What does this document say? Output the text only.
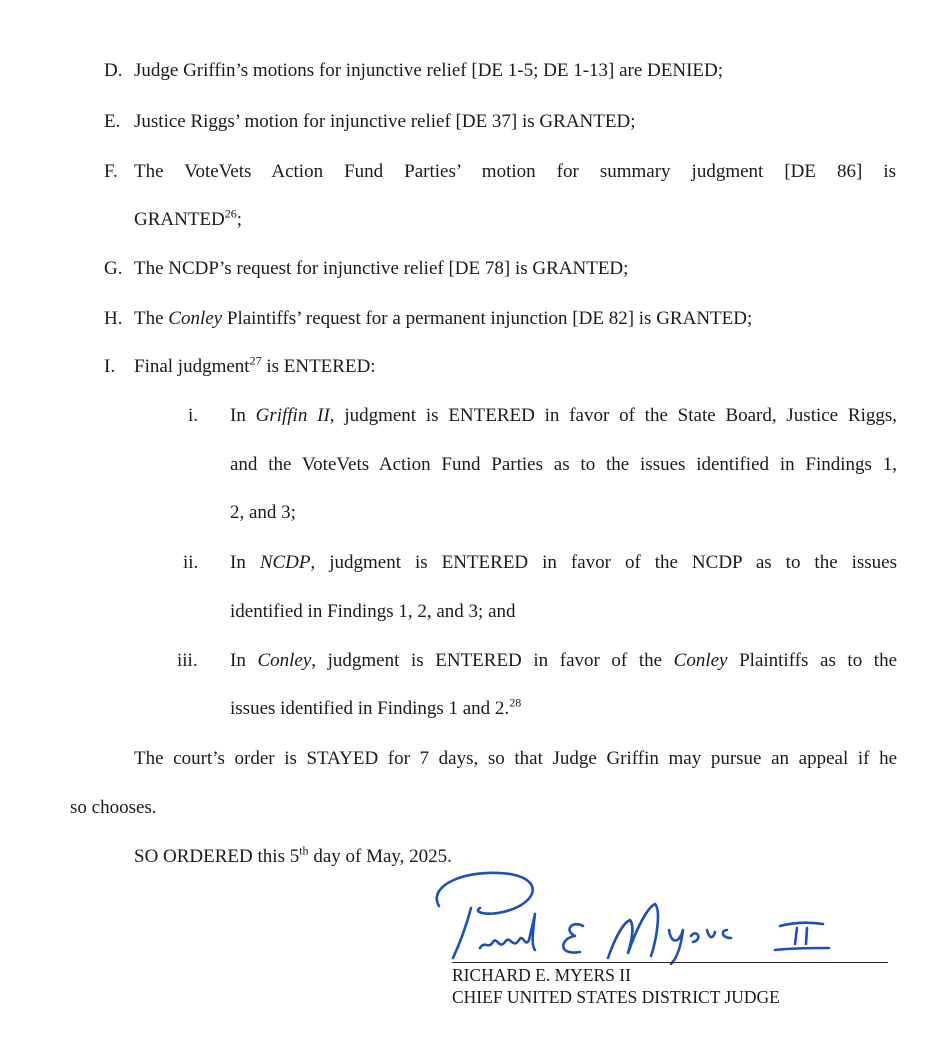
D. Judge Griffin’s motions for injunctive relief [DE 1-5; DE 1-13] are DENIED;
E. Justice Riggs’ motion for injunctive relief [DE 37] is GRANTED;
F. The VoteVets Action Fund Parties’ motion for summary judgment [DE 86] is
GRANTED$^{26}$;
G. The NCDP’s request for injunctive relief [DE 78] is GRANTED;
H. The Conley Plaintiffs’ request for a permanent injunction [DE 82] is GRANTED;
I. Final judgment$^{27}$ is ENTERED:
i. In Griffin II, judgment is ENTERED in favor of the State Board, Justice Riggs,
and the VoteVets Action Fund Parties as to the issues identified in Findings 1,
2, and 3;
ii. In NCDP, judgment is ENTERED in favor of the NCDP as to the issues
identified in Findings 1, 2, and 3; and
iii. In Conley, judgment is ENTERED in favor of the Conley Plaintiffs as to the
issues identified in Findings 1 and 2.28
The court’s order is STAYED for 7 days, so that Judge Griffin may pursue an appeal if he
so chooses.
SO ORDERED this 5th day of May, 2025.
RICHARD E. MYERS II
CHIEF UNITED STATES DISTRICT JUDGE
